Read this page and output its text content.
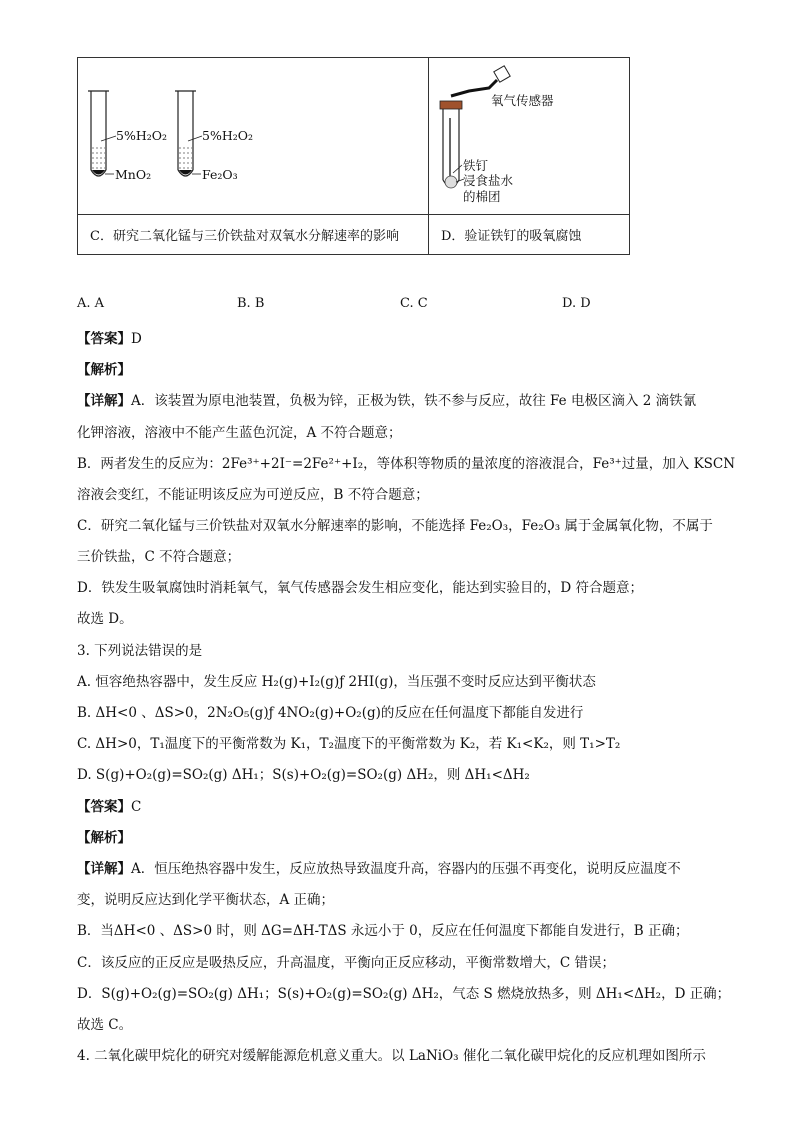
5%H₂O₂
MnO₂
5%H₂O₂
Fe₂O₃	氧气传感器
铁钉
浸食盐水
的棉团

C．研究二氧化锰与三价铁盐对双氧水分解速率的影响	D．验证铁钉的吸氧腐蚀
A. A	B. B	C. C	D. D
【答案】D
【解析】
【详解】A．该装置为原电池装置，负极为锌，正极为铁，铁不参与反应，故往 Fe 电极区滴入 2 滴铁氰
化钾溶液，溶液中不能产生蓝色沉淀，A 不符合题意；
B．两者发生的反应为：2Fe³⁺+2I⁻=2Fe²⁺+I₂，等体积等物质的量浓度的溶液混合，Fe³⁺过量，加入 KSCN
溶液会变红，不能证明该反应为可逆反应，B 不符合题意；
C．研究二氧化锰与三价铁盐对双氧水分解速率的影响，不能选择 Fe₂O₃，Fe₂O₃ 属于金属氧化物，不属于
三价铁盐，C 不符合题意；
D．铁发生吸氧腐蚀时消耗氧气，氧气传感器会发生相应变化，能达到实验目的，D 符合题意；
故选 D。
3. 下列说法错误的是
A. 恒容绝热容器中，发生反应 H₂(g)+I₂(g)ƒ 2HI(g)，当压强不变时反应达到平衡状态
B. ΔH<0 、ΔS>0，2N₂O₅(g)ƒ 4NO₂(g)+O₂(g)的反应在任何温度下都能自发进行
C. ΔH>0，T₁温度下的平衡常数为 K₁，T₂温度下的平衡常数为 K₂，若 K₁<K₂，则 T₁>T₂
D. S(g)+O₂(g)=SO₂(g) ΔH₁；S(s)+O₂(g)=SO₂(g) ΔH₂，则 ΔH₁<ΔH₂
【答案】C
【解析】
【详解】A．恒压绝热容器中发生，反应放热导致温度升高，容器内的压强不再变化，说明反应温度不
变，说明反应达到化学平衡状态，A 正确；
B．当ΔH<0 、ΔS>0 时，则 ΔG=ΔH-TΔS 永远小于 0，反应在任何温度下都能自发进行，B 正确；
C．该反应的正反应是吸热反应，升高温度，平衡向正反应移动，平衡常数增大，C 错误；
D．S(g)+O₂(g)=SO₂(g) ΔH₁；S(s)+O₂(g)=SO₂(g) ΔH₂，气态 S 燃烧放热多，则 ΔH₁<ΔH₂，D 正确；
故选 C。
4. 二氧化碳甲烷化的研究对缓解能源危机意义重大。以 LaNiO₃ 催化二氧化碳甲烷化的反应机理如图所示
